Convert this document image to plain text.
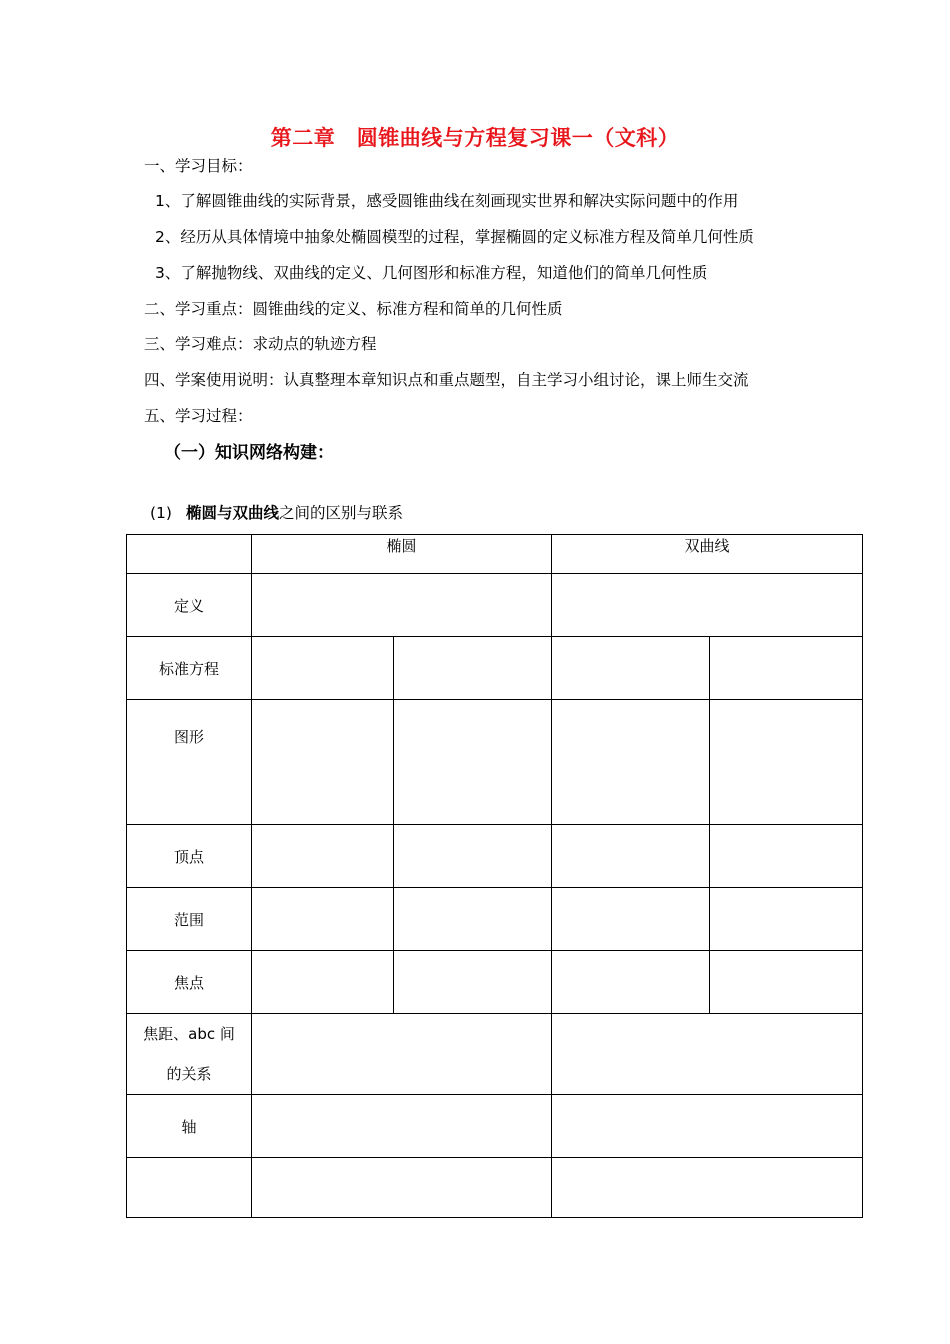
第二章　圆锥曲线与方程复习课一（文科）
一、学习目标：
1、了解圆锥曲线的实际背景，感受圆锥曲线在刻画现实世界和解决实际问题中的作用
2、经历从具体情境中抽象处椭圆模型的过程，掌握椭圆的定义标准方程及简单几何性质
3、了解抛物线、双曲线的定义、几何图形和标准方程，知道他们的简单几何性质
二、学习重点：圆锥曲线的定义、标准方程和简单的几何性质
三、学习难点：求动点的轨迹方程
四、学案使用说明：认真整理本章知识点和重点题型，自主学习小组讨论，课上师生交流
五、学习过程：
（一）知识网络构建：
(1) 椭圆与双曲线之间的区别与联系
	椭圆		双曲线	
定义				
标准方程				
图形				
顶点				
范围				
焦点				

焦距、abc 间
的关系				

轴				
